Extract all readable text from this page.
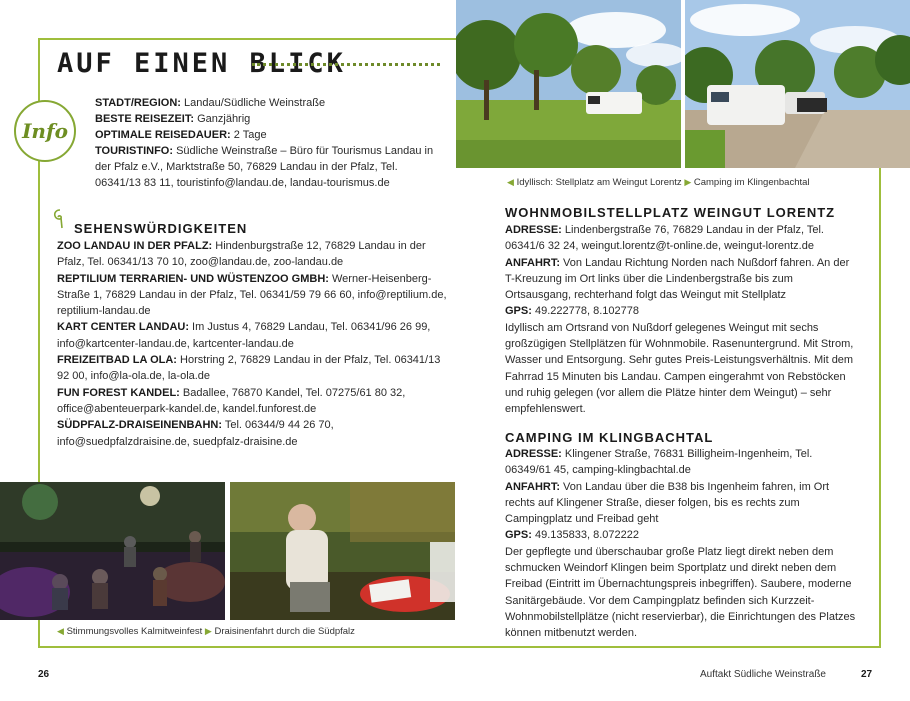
AUF EINEN BLICK
Info
STADT/REGION: Landau/Südliche Weinstraße
BESTE REISEZEIT: Ganzjährig
OPTIMALE REISEDAUER: 2 Tage
TOURISTINFO: Südliche Weinstraße – Büro für Tourismus Landau in der Pfalz e.V., Marktstraße 50, 76829 Landau in der Pfalz, Tel. 06341/13 83 11, touristinfo@landau.de, landau-tourismus.de
SEHENSWÜRDIGKEITEN
ZOO LANDAU IN DER PFALZ: Hindenburgstraße 12, 76829 Landau in der Pfalz, Tel. 06341/13 70 10, zoo@landau.de, zoo-landau.de
REPTILIUM TERRARIEN- UND WÜSTENZOO GMBH: Werner-Heisenberg-Straße 1, 76829 Landau in der Pfalz, Tel. 06341/59 79 66 60, info@reptilium.de, reptilium-landau.de
KART CENTER LANDAU: Im Justus 4, 76829 Landau, Tel. 06341/96 26 99, info@kartcenter-landau.de, kartcenter-landau.de
FREIZEITBAD LA OLA: Horstring 2, 76829 Landau in der Pfalz, Tel. 06341/13 92 00, info@la-ola.de, la-ola.de
FUN FOREST KANDEL: Badallee, 76870 Kandel, Tel. 07275/61 80 32, office@abenteuerpark-kandel.de, kandel.funforest.de
SÜDPFALZ-DRAISEINENBAHN: Tel. 06344/9 44 26 70, info@suedpfalzdraisine.de, suedpfalz-draisine.de
◀ Stimmungsvolles Kalmitweinfest ▶ Draisinenfahrt durch die Südpfalz
◀ Idyllisch: Stellplatz am Weingut Lorentz ▶ Camping im Klingenbachtal
WOHNMOBILSTELLPLATZ WEINGUT LORENTZ
ADRESSE: Lindenbergstraße 76, 76829 Landau in der Pfalz, Tel. 06341/6 32 24, weingut.lorentz@t-online.de, weingut-lorentz.de
ANFAHRT: Von Landau Richtung Norden nach Nußdorf fahren. An der T-Kreuzung im Ort links über die Lindenbergstraße bis zum Ortsausgang, rechterhand folgt das Weingut mit Stellplatz
GPS: 49.222778, 8.102778
Idyllisch am Ortsrand von Nußdorf gelegenes Weingut mit sechs großzügigen Stellplätzen für Wohnmobile. Rasenuntergrund. Mit Strom, Wasser und Entsorgung. Sehr gutes Preis-Leistungsverhältnis. Mit dem Fahrrad 15 Minuten bis Landau. Campen eingerahmt von Rebstöcken und ruhig gelegen (vor allem die Plätze hinter dem Weingut) – sehr empfehlenswert.
CAMPING IM KLINGBACHTAL
ADRESSE: Klingener Straße, 76831 Billigheim-Ingenheim, Tel. 06349/61 45, camping-klingbachtal.de
ANFAHRT: Von Landau über die B38 bis Ingenheim fahren, im Ort rechts auf Klingener Straße, dieser folgen, bis es rechts zum Campingplatz und Freibad geht
GPS: 49.135833, 8.072222
Der gepflegte und überschaubar große Platz liegt direkt neben dem schmucken Weindorf Klingen beim Sportplatz und direkt neben dem Freibad (Eintritt im Übernachtungspreis inbegriffen). Saubere, moderne Sanitärgebäude. Vor dem Campingplatz befinden sich Kurzzeit-Wohnmobilstellplätze (nicht reservierbar), die Einrichtungen des Platzes können mitbenutzt werden.
26	Auftakt Südliche Weinstraße	27
